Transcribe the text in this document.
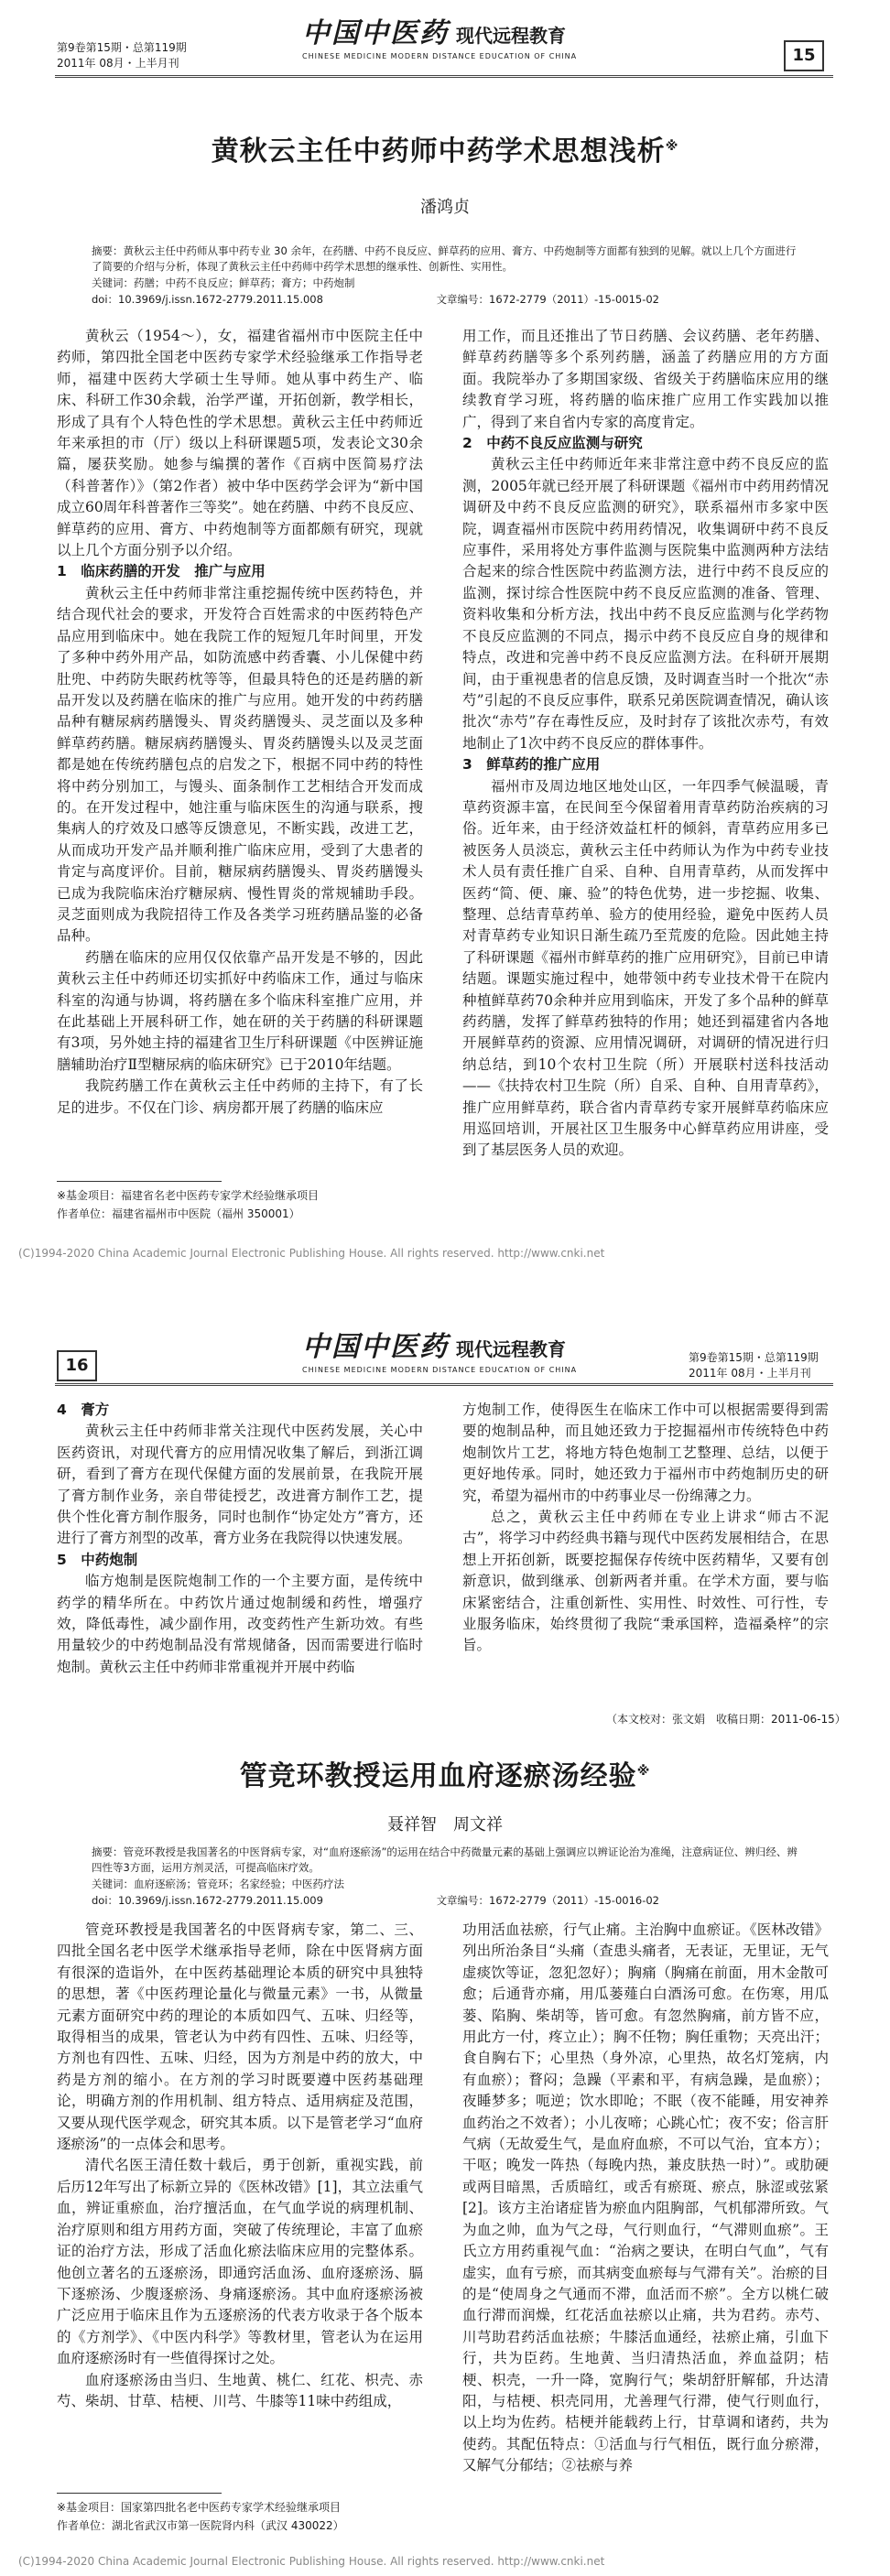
第9卷第15期・总第119期
2011年 08月・上半月刊
中国中医药 现代远程教育
CHINESE MEDICINE MODERN DISTANCE EDUCATION OF CHINA	15
黄秋云主任中药师中药学术思想浅析※
潘鸿贞

摘要：黄秋云主任中药师从事中药专业 30 余年，在药膳、中药不良反应、鲜草药的应用、膏方、中药炮制等方面都有独到的见解。就以上几个方面进行了简要的介绍与分析，体现了黄秋云主任中药师中药学术思想的继承性、创新性、实用性。

关键词：药膳；中药不良反应；鲜草药；膏方；中药炮制

doi：10.3969/j.issn.1672-2779.2011.15.008	文章编号：1672-2779（2011）-15-0015-02

黄秋云（1954～），女，福建省福州市中医院主任中药师，第四批全国老中医药专家学术经验继承工作指导老师，福建中医药大学硕士生导师。她从事中药生产、临床、科研工作30余载，治学严谨，开拓创新，教学相长，形成了具有个人特色性的学术思想。黄秋云主任中药师近年来承担的市（厅）级以上科研课题5项，发表论文30余篇，屡获奖励。她参与编撰的著作《百病中医简易疗法（科普著作）》（第2作者）被中华中医药学会评为“新中国成立60周年科普著作三等奖”。她在药膳、中药不良反应、鲜草药的应用、膏方、中药炮制等方面都颇有研究，现就以上几个方面分别予以介绍。

1　临床药膳的开发　推广与应用

黄秋云主任中药师非常注重挖掘传统中医药特色，并结合现代社会的要求，开发符合百姓需求的中医药特色产品应用到临床中。她在我院工作的短短几年时间里，开发了多种中药外用产品，如防流感中药香囊、小儿保健中药肚兜、中药防失眠药枕等等，但最具特色的还是药膳的新品开发以及药膳在临床的推广与应用。她开发的中药药膳品种有糖尿病药膳馒头、胃炎药膳馒头、灵芝面以及多种鲜草药药膳。糖尿病药膳馒头、胃炎药膳馒头以及灵芝面都是她在传统药膳包点的启发之下，根据不同中药的特性将中药分别加工，与馒头、面条制作工艺相结合开发而成的。在开发过程中，她注重与临床医生的沟通与联系，搜集病人的疗效及口感等反馈意见，不断实践，改进工艺，从而成功开发产品并顺利推广临床应用，受到了大患者的肯定与高度评价。目前，糖尿病药膳馒头、胃炎药膳馒头已成为我院临床治疗糖尿病、慢性胃炎的常规辅助手段。灵芝面则成为我院招待工作及各类学习班药膳品鉴的必备品种。

药膳在临床的应用仅仅依靠产品开发是不够的，因此黄秋云主任中药师还切实抓好中药临床工作，通过与临床科室的沟通与协调，将药膳在多个临床科室推广应用，并在此基础上开展科研工作，她在研的关于药膳的科研课题有3项，另外她主持的福建省卫生厅科研课题《中医辨证施膳辅助治疗Ⅱ型糖尿病的临床研究》已于2010年结题。

我院药膳工作在黄秋云主任中药师的主持下，有了长足的进步。不仅在门诊、病房都开展了药膳的临床应

用工作，而且还推出了节日药膳、会议药膳、老年药膳、鲜草药药膳等多个系列药膳，涵盖了药膳应用的方方面面。我院举办了多期国家级、省级关于药膳临床应用的继续教育学习班，将药膳的临床推广应用工作实践加以推广，得到了来自省内专家的高度肯定。

2　中药不良反应监测与研究

黄秋云主任中药师近年来非常注意中药不良反应的监测，2005年就已经开展了科研课题《福州市中药用药情况调研及中药不良反应监测的研究》，联系福州市多家中医院，调查福州市医院中药用药情况，收集调研中药不良反应事件，采用将处方事件监测与医院集中监测两种方法结合起来的综合性医院中药监测方法，进行中药不良反应的监测，探讨综合性医院中药不良反应监测的准备、管理、资料收集和分析方法，找出中药不良反应监测与化学药物不良反应监测的不同点，揭示中药不良反应自身的规律和特点，改进和完善中药不良反应监测方法。在科研开展期间，由于重视患者的信息反馈，及时调查当时一个批次“赤芍”引起的不良反应事件，联系兄弟医院调查情况，确认该批次“赤芍”存在毒性反应，及时封存了该批次赤芍，有效地制止了1次中药不良反应的群体事件。

3　鲜草药的推广应用

福州市及周边地区地处山区，一年四季气候温暖，青草药资源丰富，在民间至今保留着用青草药防治疾病的习俗。近年来，由于经济效益杠杆的倾斜，青草药应用多已被医务人员淡忘，黄秋云主任中药师认为作为中药专业技术人员有责任推广自采、自种、自用青草药，从而发挥中医药“简、便、廉、验”的特色优势，进一步挖掘、收集、整理、总结青草药单、验方的使用经验，避免中医药人员对青草药专业知识日渐生疏乃至荒废的危险。因此她主持了科研课题《福州市鲜草药的推广应用研究》，目前已申请结题。课题实施过程中，她带领中药专业技术骨干在院内种植鲜草药70余种并应用到临床，开发了多个品种的鲜草药药膳，发挥了鲜草药独特的作用；她还到福建省内各地开展鲜草药的资源、应用情况调研，对调研的情况进行归纳总结，到10个农村卫生院（所）开展联村送科技活动——《扶持农村卫生院（所）自采、自种、自用青草药》，推广应用鲜草药，联合省内青草药专家开展鲜草药临床应用巡回培训，开展社区卫生服务中心鲜草药应用讲座，受到了基层医务人员的欢迎。

※基金项目：福建省名老中医药专家学术经验继承项目
作者单位：福建省福州市中医院（福州 350001）
(C)1994-2020 China Academic Journal Electronic Publishing House. All rights reserved. http://www.cnki.net
16
中国中医药 现代远程教育
CHINESE MEDICINE MODERN DISTANCE EDUCATION OF CHINA
第9卷第15期・总第119期
2011年 08月・上半月刊
4　膏方

黄秋云主任中药师非常关注现代中医药发展，关心中医药资讯，对现代膏方的应用情况收集了解后，到浙江调研，看到了膏方在现代保健方面的发展前景，在我院开展了膏方制作业务，亲自带徒授艺，改进膏方制作工艺，提供个性化膏方制作服务，同时也制作“协定处方”膏方，还进行了膏方剂型的改革，膏方业务在我院得以快速发展。

5　中药炮制

临方炮制是医院炮制工作的一个主要方面，是传统中药学的精华所在。中药饮片通过炮制缓和药性，增强疗效，降低毒性，减少副作用，改变药性产生新功效。有些用量较少的中药炮制品没有常规储备，因而需要进行临时炮制。黄秋云主任中药师非常重视并开展中药临

方炮制工作，使得医生在临床工作中可以根据需要得到需要的炮制品种，而且她还致力于挖掘福州市传统特色中药炮制饮片工艺，将地方特色炮制工艺整理、总结，以便于更好地传承。同时，她还致力于福州市中药炮制历史的研究，希望为福州市的中药事业尽一份绵薄之力。

总之，黄秋云主任中药师在专业上讲求“师古不泥古”，将学习中药经典书籍与现代中医药发展相结合，在思想上开拓创新，既要挖掘保存传统中医药精华，又要有创新意识，做到继承、创新两者并重。在学术方面，要与临床紧密结合，注重创新性、实用性、时效性、可行性，专业服务临床，始终贯彻了我院“秉承国粹，造福桑梓”的宗旨。

（本文校对：张文娟　收稿日期：2011-06-15）
管竞环教授运用血府逐瘀汤经验※
聂祥智　周文祥

摘要：管竞环教授是我国著名的中医肾病专家，对“血府逐瘀汤”的运用在结合中药微量元素的基础上强调应以辨证论治为准绳，注意病证位、辨归经、辨四性等3方面，运用方剂灵活，可提高临床疗效。

关键词：血府逐瘀汤；管竞环；名家经验；中医药疗法

doi：10.3969/j.issn.1672-2779.2011.15.009	文章编号：1672-2779（2011）-15-0016-02

管竞环教授是我国著名的中医肾病专家，第二、三、四批全国名老中医学术继承指导老师，除在中医肾病方面有很深的造诣外，在中医药基础理论本质的研究中具独特的思想，著《中医药理论量化与微量元素》一书，从微量元素方面研究中药的理论的本质如四气、五味、归经等，取得相当的成果，管老认为中药有四性、五味、归经等，方剂也有四性、五味、归经，因为方剂是中药的放大，中药是方剂的缩小。在方剂的学习时既要遵中医药基础理论，明确方剂的作用机制、组方特点、适用病症及范围，又要从现代医学观念，研究其本质。以下是管老学习“血府逐瘀汤”的一点体会和思考。

清代名医王清任数十载后，勇于创新，重视实践，前后历12年写出了标新立异的《医林改错》[1]，其立法重气血，辨证重瘀血，治疗擅活血，在气血学说的病理机制、治疗原则和组方用药方面，突破了传统理论，丰富了血瘀证的治疗方法，形成了活血化瘀法临床应用的完整体系。他创立著名的五逐瘀汤，即通窍活血汤、血府逐瘀汤、膈下逐瘀汤、少腹逐瘀汤、身痛逐瘀汤。其中血府逐瘀汤被广泛应用于临床且作为五逐瘀汤的代表方收录于各个版本的《方剂学》、《中医内科学》等教材里，管老认为在运用血府逐瘀汤时有一些值得探讨之处。

血府逐瘀汤由当归、生地黄、桃仁、红花、枳壳、赤芍、柴胡、甘草、桔梗、川芎、牛膝等11味中药组成，

功用活血祛瘀，行气止痛。主治胸中血瘀证。《医林改错》列出所治条目“头痛（查患头痛者，无表证，无里证，无气虚痰饮等证，忽犯忽好）；胸痛（胸痛在前面，用木金散可愈；后通背亦痛，用瓜蒌薤白白酒汤可愈。在伤寒，用瓜蒌、陷胸、柴胡等，皆可愈。有忽然胸痛，前方皆不应，用此方一付，疼立止）；胸不任物；胸任重物；天亮出汗；食自胸右下；心里热（身外凉，心里热，故名灯笼病，内有血瘀）；瞀闷；急躁（平素和平，有病急躁，是血瘀）；夜睡梦多；呃逆；饮水即呛；不眠（夜不能睡，用安神养血药治之不效者）；小儿夜啼；心跳心忙；夜不安；俗言肝气病（无故爱生气，是血府血瘀，不可以气治，宜本方）；干呕；晚发一阵热（每晚内热，兼皮肤热一时）”。或肋硬或两目暗黑，舌质暗红，或舌有瘀斑、瘀点，脉涩或弦紧[2]。该方主治诸症皆为瘀血内阻胸部，气机郁滞所致。气为血之帅，血为气之母，气行则血行，“气滞则血瘀”。王氏立方用药重视气血：“治病之要诀，在明白气血”，气有虚实，血有亏瘀，而其病变血瘀每与气滞有关”。治瘀的目的是“使周身之气通而不滞，血活而不瘀”。全方以桃仁破血行滞而润燥，红花活血祛瘀以止痛，共为君药。赤芍、川芎助君药活血祛瘀；牛膝活血通经，祛瘀止痛，引血下行，共为臣药。生地黄、当归清热活血，养血益阴；桔梗、枳壳，一升一降，宽胸行气；柴胡舒肝解郁，升达清阳，与桔梗、枳壳同用，尤善理气行滞，使气行则血行，以上均为佐药。桔梗并能载药上行，甘草调和诸药，共为使药。其配伍特点：①活血与行气相伍，既行血分瘀滞，又解气分郁结；②祛瘀与养

※基金项目：国家第四批名老中医药专家学术经验继承项目
作者单位：湖北省武汉市第一医院肾内科（武汉 430022）
(C)1994-2020 China Academic Journal Electronic Publishing House. All rights reserved. http://www.cnki.net
